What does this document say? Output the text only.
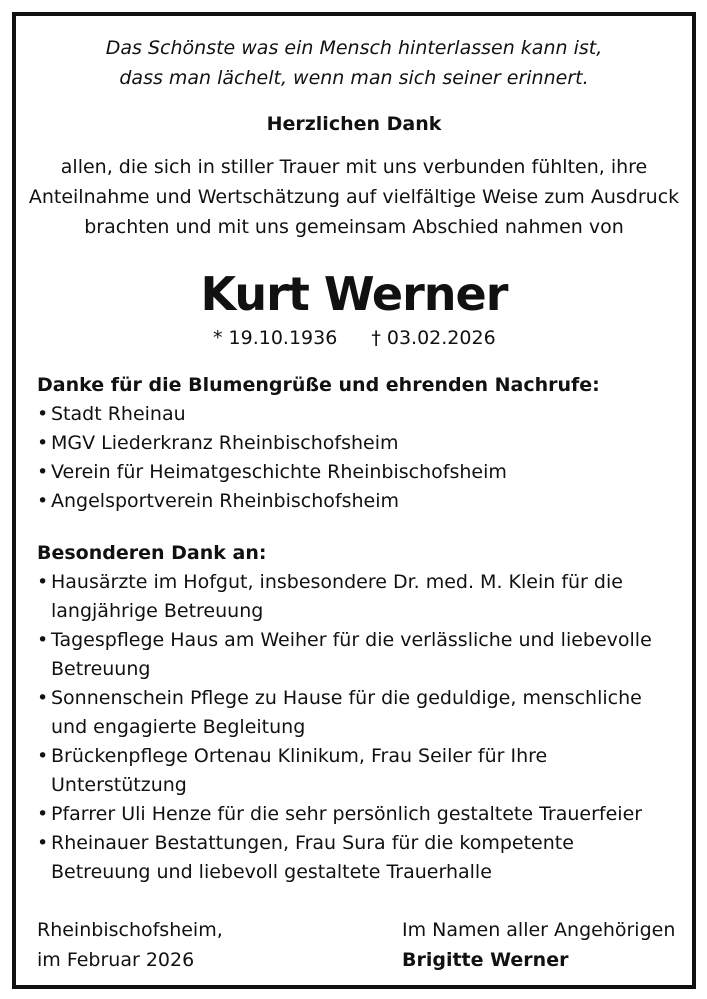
Das Schönste was ein Mensch hinterlassen kann ist,
dass man lächelt, wenn man sich seiner erinnert.
Herzlichen Dank
allen, die sich in stiller Trauer mit uns verbunden fühlten, ihre
Anteilnahme und Wertschätzung auf vielfältige Weise zum Ausdruck
brachten und mit uns gemeinsam Abschied nahmen von
Kurt Werner
* 19.10.1936 † 03.02.2026
Danke für die Blumengrüße und ehrenden Nachrufe:
• Stadt Rheinau
• MGV Liederkranz Rheinbischofsheim
• Verein für Heimatgeschichte Rheinbischofsheim
• Angelsportverein Rheinbischofsheim
Besonderen Dank an:
• Hausärzte im Hofgut, insbesondere Dr. med. M. Klein für die langjährige Betreuung
• Tagespflege Haus am Weiher für die verlässliche und liebevolle Betreuung
• Sonnenschein Pflege zu Hause für die geduldige, menschliche und engagierte Begleitung
• Brückenpflege Ortenau Klinikum, Frau Seiler für Ihre Unterstützung
• Pfarrer Uli Henze für die sehr persönlich gestaltete Trauerfeier
• Rheinauer Bestattungen, Frau Sura für die kompetente Betreuung und liebevoll gestaltete Trauerhalle
Rheinbischofsheim,
im Februar 2026
Im Namen aller Angehörigen
Brigitte Werner
